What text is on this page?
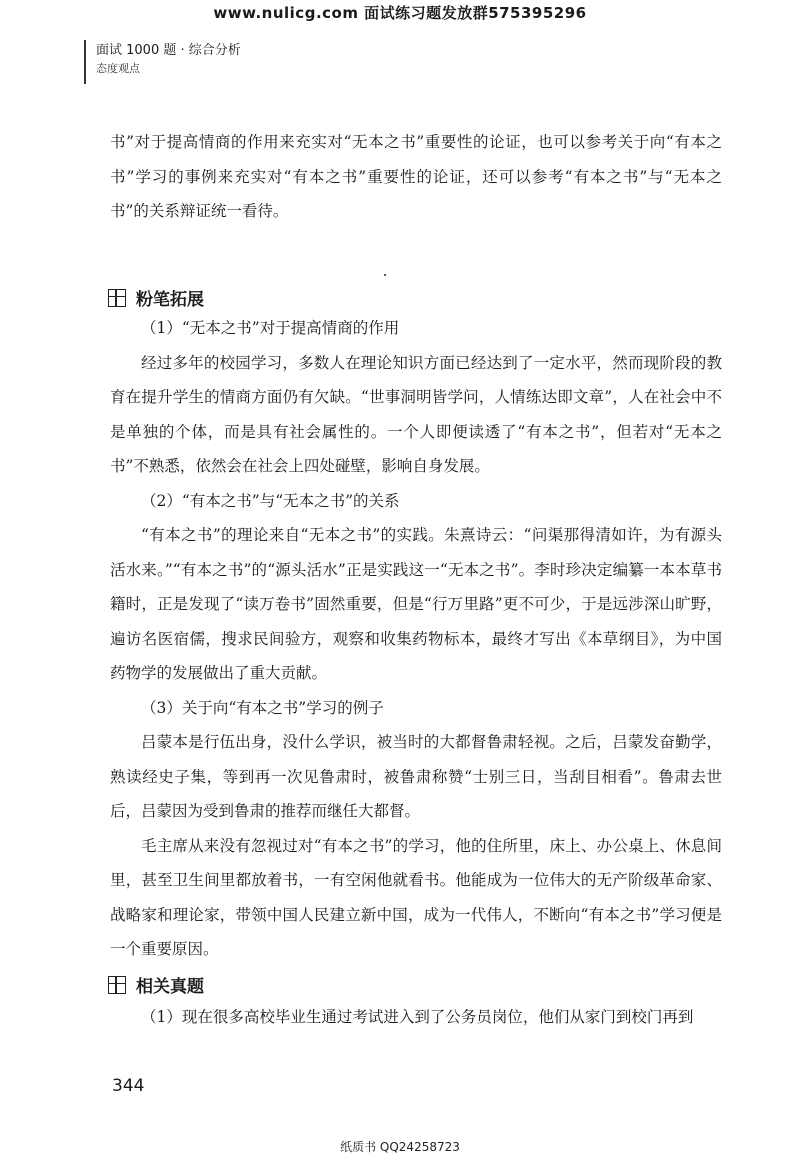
www.nulicg.com 面试练习题发放群575395296
面试 1000 题 · 综合分析
态度观点

书”对于提高情商的作用来充实对“无本之书”重要性的论证，也可以参考关于向“有本之书”学习的事例来充实对“有本之书”重要性的论证，还可以参考“有本之书”与“无本之书”的关系辩证统一看待。

粉笔拓展

（1）“无本之书”对于提高情商的作用

经过多年的校园学习，多数人在理论知识方面已经达到了一定水平，然而现阶段的教育在提升学生的情商方面仍有欠缺。“世事洞明皆学问，人情练达即文章”，人在社会中不是单独的个体，而是具有社会属性的。一个人即便读透了“有本之书”，但若对“无本之书”不熟悉，依然会在社会上四处碰壁，影响自身发展。

（2）“有本之书”与“无本之书”的关系

“有本之书”的理论来自“无本之书”的实践。朱熹诗云：“问渠那得清如许，为有源头活水来。”“有本之书”的“源头活水”正是实践这一“无本之书”。李时珍决定编纂一本本草书籍时，正是发现了“读万卷书”固然重要，但是“行万里路”更不可少，于是远涉深山旷野，遍访名医宿儒，搜求民间验方，观察和收集药物标本，最终才写出《本草纲目》，为中国药物学的发展做出了重大贡献。

（3）关于向“有本之书”学习的例子

吕蒙本是行伍出身，没什么学识，被当时的大都督鲁肃轻视。之后，吕蒙发奋勤学，熟读经史子集，等到再一次见鲁肃时，被鲁肃称赞“士别三日，当刮目相看”。鲁肃去世后，吕蒙因为受到鲁肃的推荐而继任大都督。

毛主席从来没有忽视过对“有本之书”的学习，他的住所里，床上、办公桌上、休息间里，甚至卫生间里都放着书，一有空闲他就看书。他能成为一位伟大的无产阶级革命家、战略家和理论家，带领中国人民建立新中国，成为一代伟人，不断向“有本之书”学习便是一个重要原因。

相关真题

（1）现在很多高校毕业生通过考试进入到了公务员岗位，他们从家门到校门再到

344
纸质书 QQ24258723
